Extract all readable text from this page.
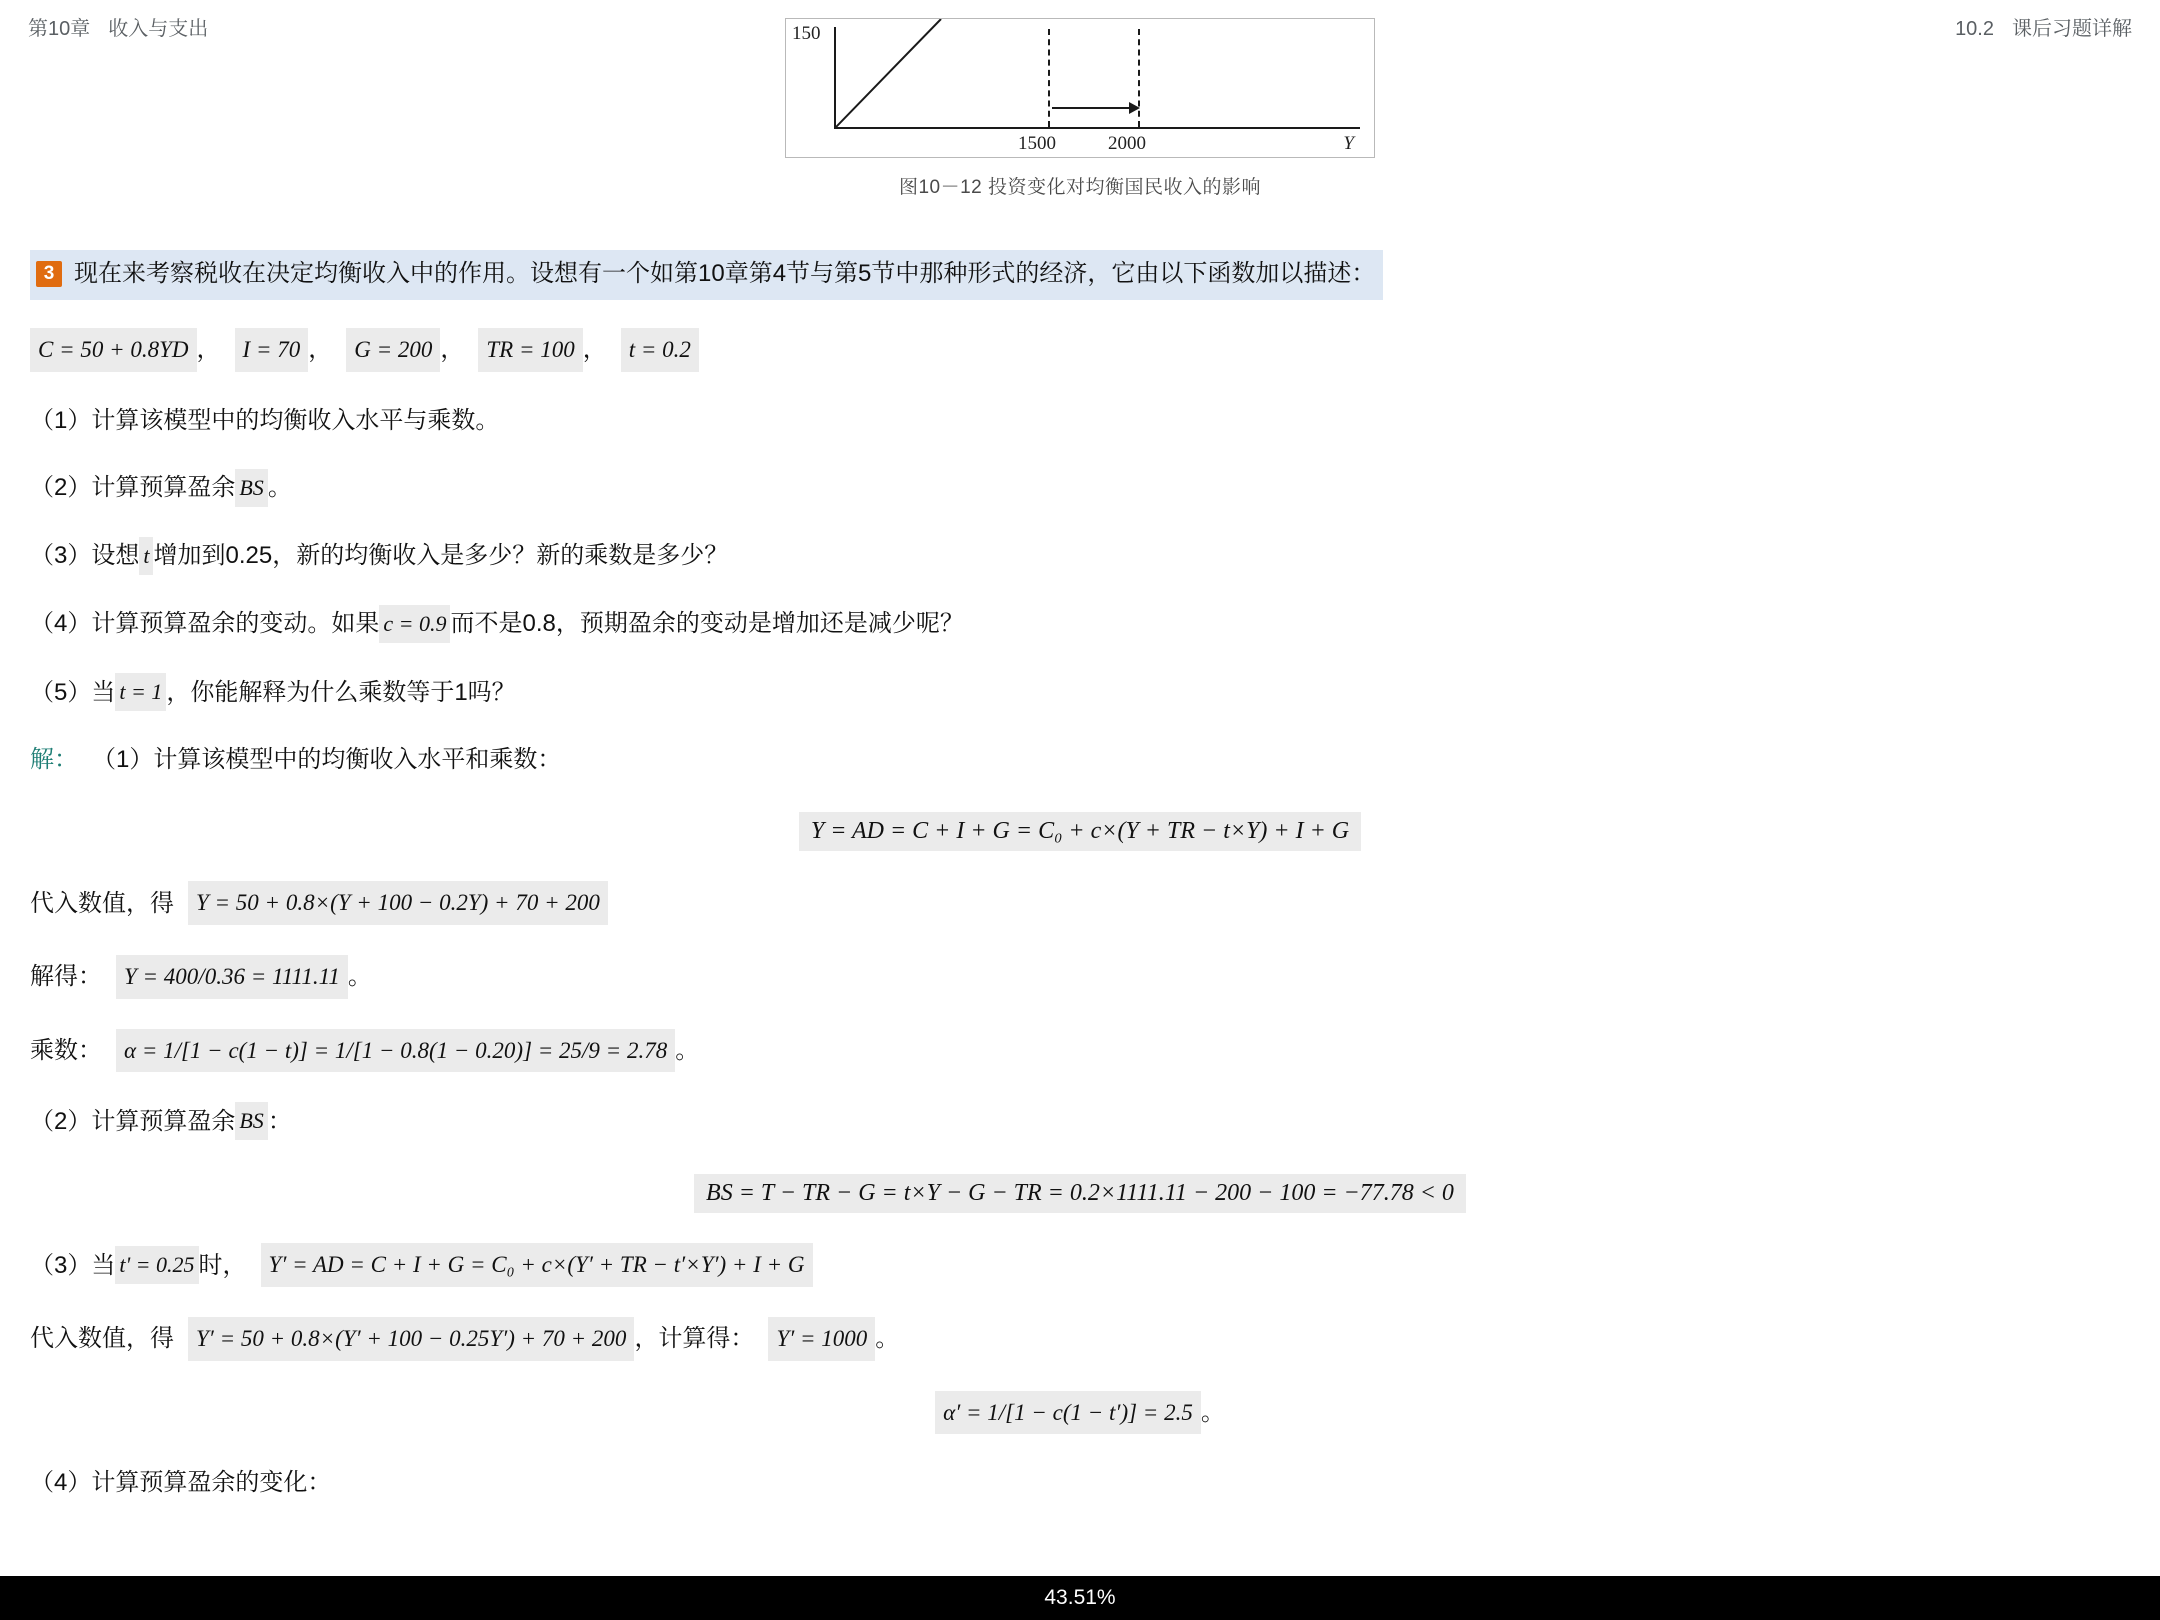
第10章 收入与支出	10.2 课后习题详解
150
1500	2000	Y
图10－12 投资变化对均衡国民收入的影响
3 现在来考察税收在决定均衡收入中的作用。设想有一个如第10章第4节与第5节中那种形式的经济，它由以下函数加以描述：
C = 50 + 0.8YD ， I = 70 ， G = 200 ， TR = 100 ， t = 0.2
（1） 计算该模型中的均衡收入水平与乘数。
（2） 计算预算盈余 BS 。
（3） 设想 t 增加到0.25，新的均衡收入是多少？新的乘数是多少？
（4） 计算预算盈余的变动。如果 c = 0.9 而不是0.8，预期盈余的变动是增加还是减少呢？
（5） 当 t = 1 ，你能解释为什么乘数等于1吗？
解： （1）计算该模型中的均衡收入水平和乘数：
Y = AD = C + I + G = C₀ + c×(Y + TR − t×Y) + I + G
代入数值，得 Y = 50 + 0.8×(Y + 100 − 0.2Y) + 70 + 200
解得： Y = 400/0.36 = 1111.11 。
乘数： α = 1/[1 − c(1 − t)] = 1/[1 − 0.8(1 − 0.20)] = 25/9 = 2.78 。
（2）计算预算盈余 BS ：
BS = T − TR − G = t×Y − G − TR = 0.2×1111.11 − 200 − 100 = −77.78 < 0
（3）当 t' = 0.25 时， Y′ = AD = C + I + G = C₀ + c×(Y′ + TR − t′×Y′) + I + G
代入数值，得 Y′ = 50 + 0.8×(Y′ + 100 − 0.25Y′) + 70 + 200 ，计算得： Y′ = 1000 。
α′ = 1/[1 − c(1 − t′)] = 2.5 。
（4）计算预算盈余的变化：
43.51%
